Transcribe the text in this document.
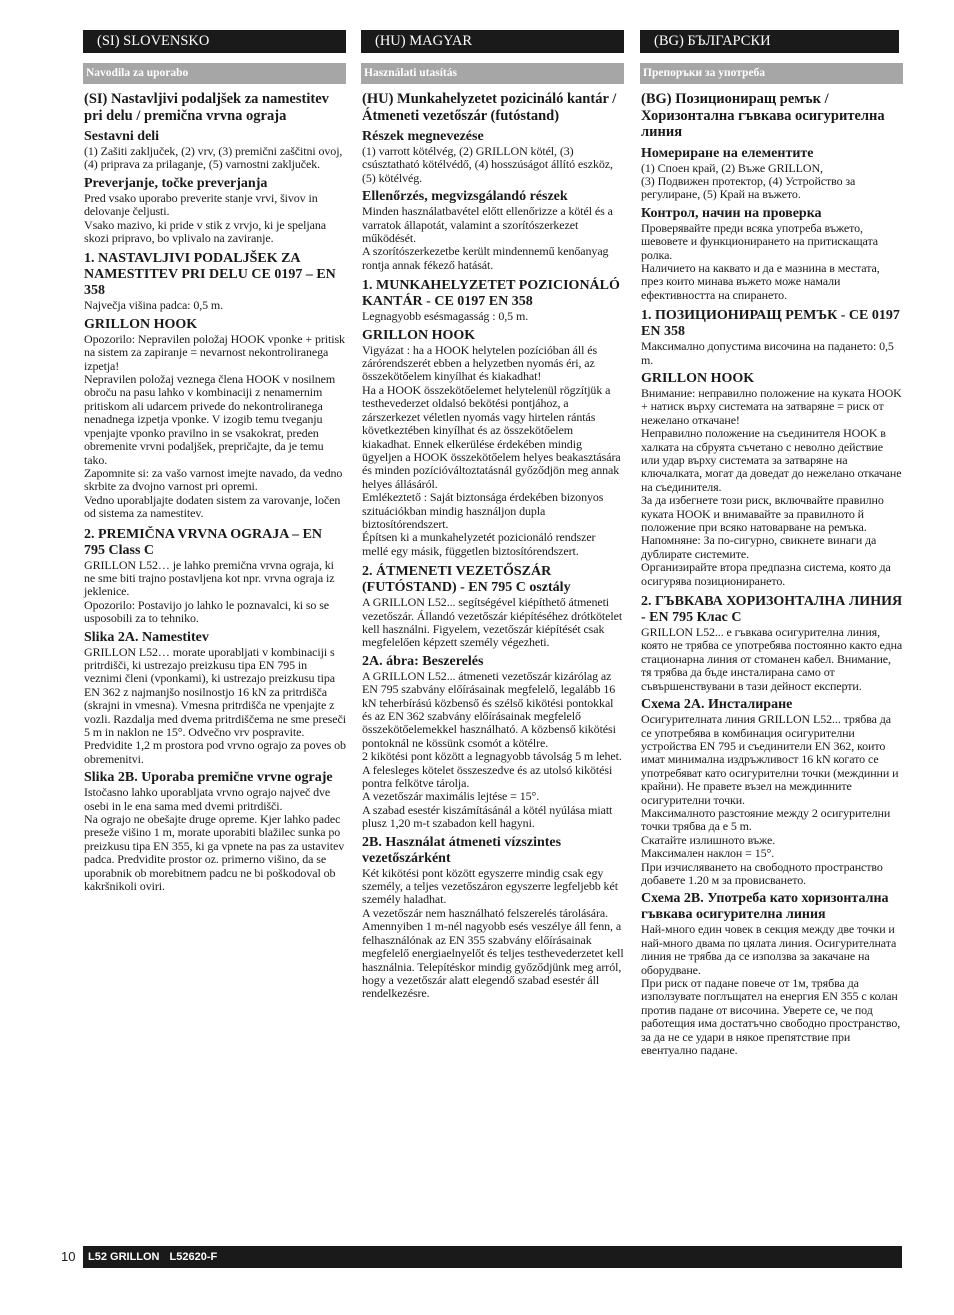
(SI) SLOVENSKO
Navodila za uporabo
(SI) Nastavljivi podaljšek za namestitev pri delu / premična vrvna ograja
Sestavni deli
(1) Zašiti zaključek, (2) vrv, (3) premični zaščitni ovoj, (4) priprava za prilaganje, (5) varnostni zaključek.
Preverjanje, točke preverjanja
Pred vsako uporabo preverite stanje vrvi, šivov in delovanje čeljusti.
Vsako mazivo, ki pride v stik z vrvjo, ki je speljana skozi pripravo, bo vplivalo na zaviranje.
1. NASTAVLJIVI PODALJŠEK ZA NAMESTITEV PRI DELU CE 0197 – EN 358
Največja višina padca: 0,5 m.
GRILLON HOOK
Opozorilo: Nepravilen položaj HOOK vponke + pritisk na sistem za zapiranje = nevarnost nekontroliranega izpetja!
Nepravilen položaj veznega člena HOOK v nosilnem obroču na pasu lahko v kombinaciji z nenamernim pritiskom ali udarcem privede do nekontroliranega nenadnega izpetja vponke. V izogib temu tveganju vpenjajte vponko pravilno in se vsakokrat, preden obremenite vrvni podaljšek, prepričajte, da je temu tako.
Zapomnite si: za vašo varnost imejte navado, da vedno skrbite za dvojno varnost pri opremi.
Vedno uporabljajte dodaten sistem za varovanje, ločen od sistema za namestitev.
2. PREMIČNA VRVNA OGRAJA – EN 795 Class C
GRILLON L52… je lahko premična vrvna ograja, ki ne sme biti trajno postavljena kot npr. vrvna ograja iz jeklenice.
Opozorilo: Postavijo jo lahko le poznavalci, ki so se usposobili za to tehniko.
Slika 2A. Namestitev
GRILLON L52… morate uporabljati v kombinaciji s pritrdišči, ki ustrezajo preizkusu tipa EN 795 in veznimi členi (vponkami), ki ustrezajo preizkusu tipa EN 362 z najmanjšo nosilnostjo 16 kN za pritrdišča (skrajni in vmesna). Vmesna pritrdišča ne vpenjajte z vozli. Razdalja med dvema pritrdiščema ne sme preseči 5 m in naklon ne 15°. Odvečno vrv pospravite. Predvidite 1,2 m prostora pod vrvno ograjo za poves ob obremenitvi.
Slika 2B. Uporaba premične vrvne ograje
Istočasno lahko uporabljata vrvno ograjo največ dve osebi in le ena sama med dvemi pritrdišči.
Na ograjo ne obešajte druge opreme. Kjer lahko padec preseže višino 1 m, morate uporabiti blažilec sunka po preizkusu tipa EN 355, ki ga vpnete na pas za ustavitev padca. Predvidite prostor oz. primerno višino, da se uporabnik ob morebitnem padcu ne bi poškodoval ob kakršnikoli oviri.
(HU) MAGYAR
Használati utasítás
(HU) Munkahelyzetet pozicináló kantár /
Átmeneti vezetőszár (futóstand)
Részek megnevezése
(1) varrott kötélvég, (2) GRILLON kötél, (3) csúsztatható kötélvédő, (4) hosszúságot állító eszköz, (5) kötélvég.
Ellenőrzés, megvizsgálandó részek
Minden használatbavétel előtt ellenőrizze a kötél és a varratok állapotát, valamint a szorítószerkezet működését.
A szorítószerkezetbe került mindennemű kenőanyag rontja annak fékező hatását.
1. MUNKAHELYZETET POZICIONÁLÓ KANTÁR - CE 0197 EN 358
Legnagyobb esésmagasság : 0,5 m.
GRILLON HOOK
Vigyázat : ha a HOOK helytelen pozícióban áll és zárórendszerét ebben a helyzetben nyomás éri, az összekötőelem kinyílhat és kiakadhat!
Ha a HOOK összekötőelemet helytelenül rögzítjük a testhevederzet oldalsó bekötési pontjához, a zárszerkezet véletlen nyomás vagy hirtelen rántás következtében kinyílhat és az összekötőelem kiakadhat. Ennek elkerülése érdekében mindig ügyeljen a HOOK összekötőelem helyes beakasztására és minden pozícióváltoztatásnál győződjön meg annak helyes állásáról.
Emlékeztető : Saját biztonsága érdekében bizonyos szituációkban mindig használjon dupla biztosítórendszert.
Építsen ki a munkahelyzetét pozicionáló rendszer mellé egy másik, független biztosítórendszert.
2. ÁTMENETI VEZETŐSZÁR (FUTÓSTAND) - EN 795 C osztály
A GRILLON L52... segítségével kiépíthető átmeneti vezetőszár. Állandó vezetőszár kiépítéséhez drótkötelet kell használni. Figyelem, vezetőszár kiépítését csak megfelelően képzett személy végezheti.
2A. ábra: Beszerelés
A GRILLON L52... átmeneti vezetőszár kizárólag az EN 795 szabvány előírásainak megfelelő, legalább 16 kN teherbírású közbenső és szélső kikötési pontokkal és az EN 362 szabvány előírásainak megfelelő összekötőelemekkel használható. A közbenső kikötési pontoknál ne kössünk csomót a kötélre.
2 kikötési pont között a legnagyobb távolság 5 m lehet. A felesleges kötelet összeszedve és az utolsó kikötési pontra felkötve tárolja.
A vezetőszár maximális lejtése = 15°.
A szabad esestér kiszámításánál a kötél nyúlása miatt plusz 1,20 m-t szabadon kell hagyni.
2B. Használat átmeneti vízszintes vezetőszárként
Két kikötési pont között egyszerre mindig csak egy személy, a teljes vezetőszáron egyszerre legfeljebb két személy haladhat.
A vezetőszár nem használható felszerelés tárolására.
Amennyiben 1 m-nél nagyobb esés veszélye áll fenn, a felhasználónak az EN 355 szabvány előírásainak megfelelő energiaelnyelőt és teljes testhevederzetet kell használnia. Telepítéskor mindig győződjünk meg arról, hogy a vezetőszár alatt elegendő szabad esestér áll rendelkezésre.
(BG) БЪЛГАРСКИ
Препоръки за употреба
(BG) Позициониращ ремък / Хоризонтална гъвкава осигурителна линия
Номериране на елементите
(1) Споен край, (2) Въже GRILLON,
(3) Подвижен протектор, (4) Устройство за регулиране, (5) Край на въжето.
Контрол, начин на проверка
Проверявайте преди всяка употреба въжето, шевовете и функционирането на притискащата ролка.
Наличието на каквато и да е мазнина в местата, през които минава въжето може намали ефективността на спирането.
1. ПОЗИЦИОНИРАЩ РЕМЪК - CE 0197 EN 358
Максимално допустима височина на падането: 0,5 m.
GRILLON HOOK
Внимание: неправилно положение на куката HOOK + натиск върху системата на затваряне = риск от нежелано откачане!
Неправилно положение на съединителя HOOK в халката на сбруята съчетано с неволно действие или удар върху системата за затваряне на ключалката, могат да доведат до нежелано откачане на съединителя.
За да избегнете този риск, включвайте правилно куката HOOK и внимавайте за правилното й положение при всяко натоварване на ремъка.
Напомняне: За по-сигурно, свикнете винаги да дублирате системите.
Организирайте втора предпазна система, която да осигурява позиционирането.
2. ГЪВКАВА ХОРИЗОНТАЛНА ЛИНИЯ - EN 795 Клас C
GRILLON L52... е гъвкава осигурителна линия, която не трябва се употребява постоянно както една стационарна линия от стоманен кабел. Внимание, тя трябва да бъде инсталирана само от съвършенствувани в тази дейност експерти.
Схема 2A. Инсталиране
Осигурителната линия GRILLON L52... трябва да се употребява в комбинация осигурителни устройства EN 795 и съединители EN 362, които имат минимална издръжливост 16 kN когато се употребяват като осигурителни точки (междинни и крайни). Не правете възел на междинните осигурителни точки.
Максималното разстояние между 2 осигурителни точки трябва да е 5 m.
Скатайте излишното въже.
Максимален наклон = 15°.
При изчисляването на свободното пространство добавете 1.20 м за провисването.
Схема 2B. Употреба като хоризонтална гъвкава осигурителна линия
Най-много един човек в секция между две точки и най-много двама по цялата линия. Осигурителната линия не трябва да се използва за закачане на оборудване.
При риск от падане повече от 1м, трябва да използувате поглъщател на енергия EN 355 с колан против падане от височина. Уверете се, че под работещия има достатъчно свободно пространство, за да не се удари в някое препятствие при евентуално падане.
10	L52 GRILLON L52620-F
